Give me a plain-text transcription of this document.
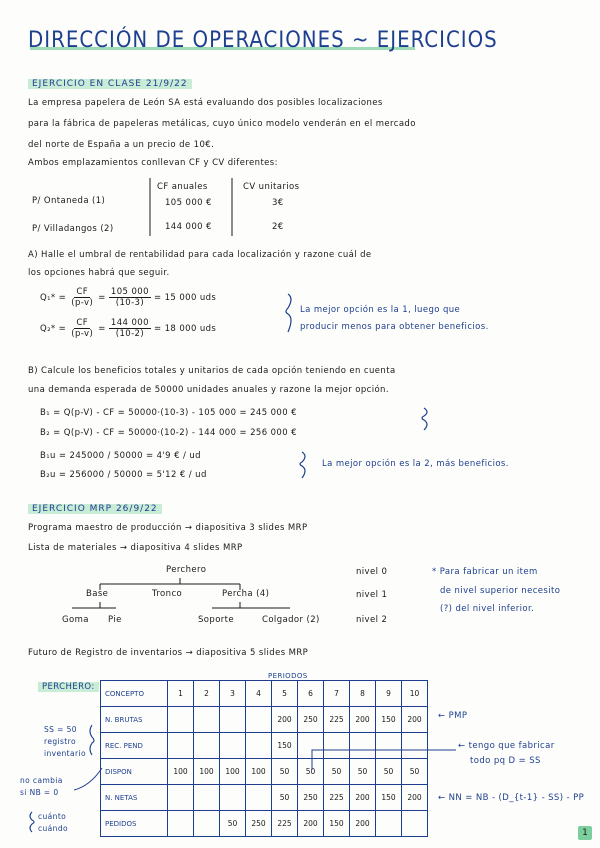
DIRECCIÓN DE OPERACIONES ~ EJERCICIOS
EJERCICIO EN CLASE 21/9/22
La empresa papelera de León SA está evaluando dos posibles localizaciones
para la fábrica de papeleras metálicas, cuyo único modelo venderán en el mercado
del norte de España a un precio de 10€.
Ambos emplazamientos conllevan CF y CV diferentes:
CF anuales	CV unitarios
P/ Ontaneda (1)	105 000 €	3€
P/ Villadangos (2)	144 000 €	2€
A) Halle el umbral de rentabilidad para cada localización y razone cuál de
los opciones habrá que seguir.
$Q_1* = \frac{CF}{(p-v)} = \frac{105 000}{(10-3)} = 15$ 000 uds
$Q_2* = \frac{CF}{(p-v)} = \frac{144 000}{(10-2)} = 18$ 000 uds
La mejor opción es la 1, luego que
producir menos para obtener beneficios.
B) Calcule los beneficios totales y unitarios de cada opción teniendo en cuenta
una demanda esperada de 50000 unidades anuales y razone la mejor opción.
B₁ = Q(p-V) - CF = 50000·(10-3) - 105 000 = 245 000 €
B₂ = Q(p-V) - CF = 50000·(10-2) - 144 000 = 256 000 €
B₁u = 245000 / 50000 = 4'9 € / ud
B₂u = 256000 / 50000 = 5'12 € / ud
La mejor opción es la 2, más beneficios.
EJERCICIO MRP 26/9/22
Programa maestro de producción → diapositiva 3 slides MRP
Lista de materiales → diapositiva 4 slides MRP
Perchero
Base	Tronco	Percha (4)
Goma Pie	Soporte	Colgador (2)
nivel 0
nivel 1
nivel 2
* Para fabricar un item
de nivel superior necesito
(?) del nivel inferior.
Futuro de Registro de inventarios → diapositiva 5 slides MRP
PERCHERO:
PERIODOS
CONCEPTO	1	2	3	4	5	6	7	8	9	10
N. BRUTAS					200	250	225	200	150	200
REC. PEND					150					
DISPON	100	100	100	100	50	50	50	50	50	50
N. NETAS					50	250	225	200	150	200
PEDIDOS			50	250	225	200	150	200		
← PMP
← tengo que fabricar
todo pq D = SS
← NN = NB - (D_{t-1} - SS) - PP
SS = 50
registro
inventario
no cambia
si NB = 0
cuánto
cuándo	1
